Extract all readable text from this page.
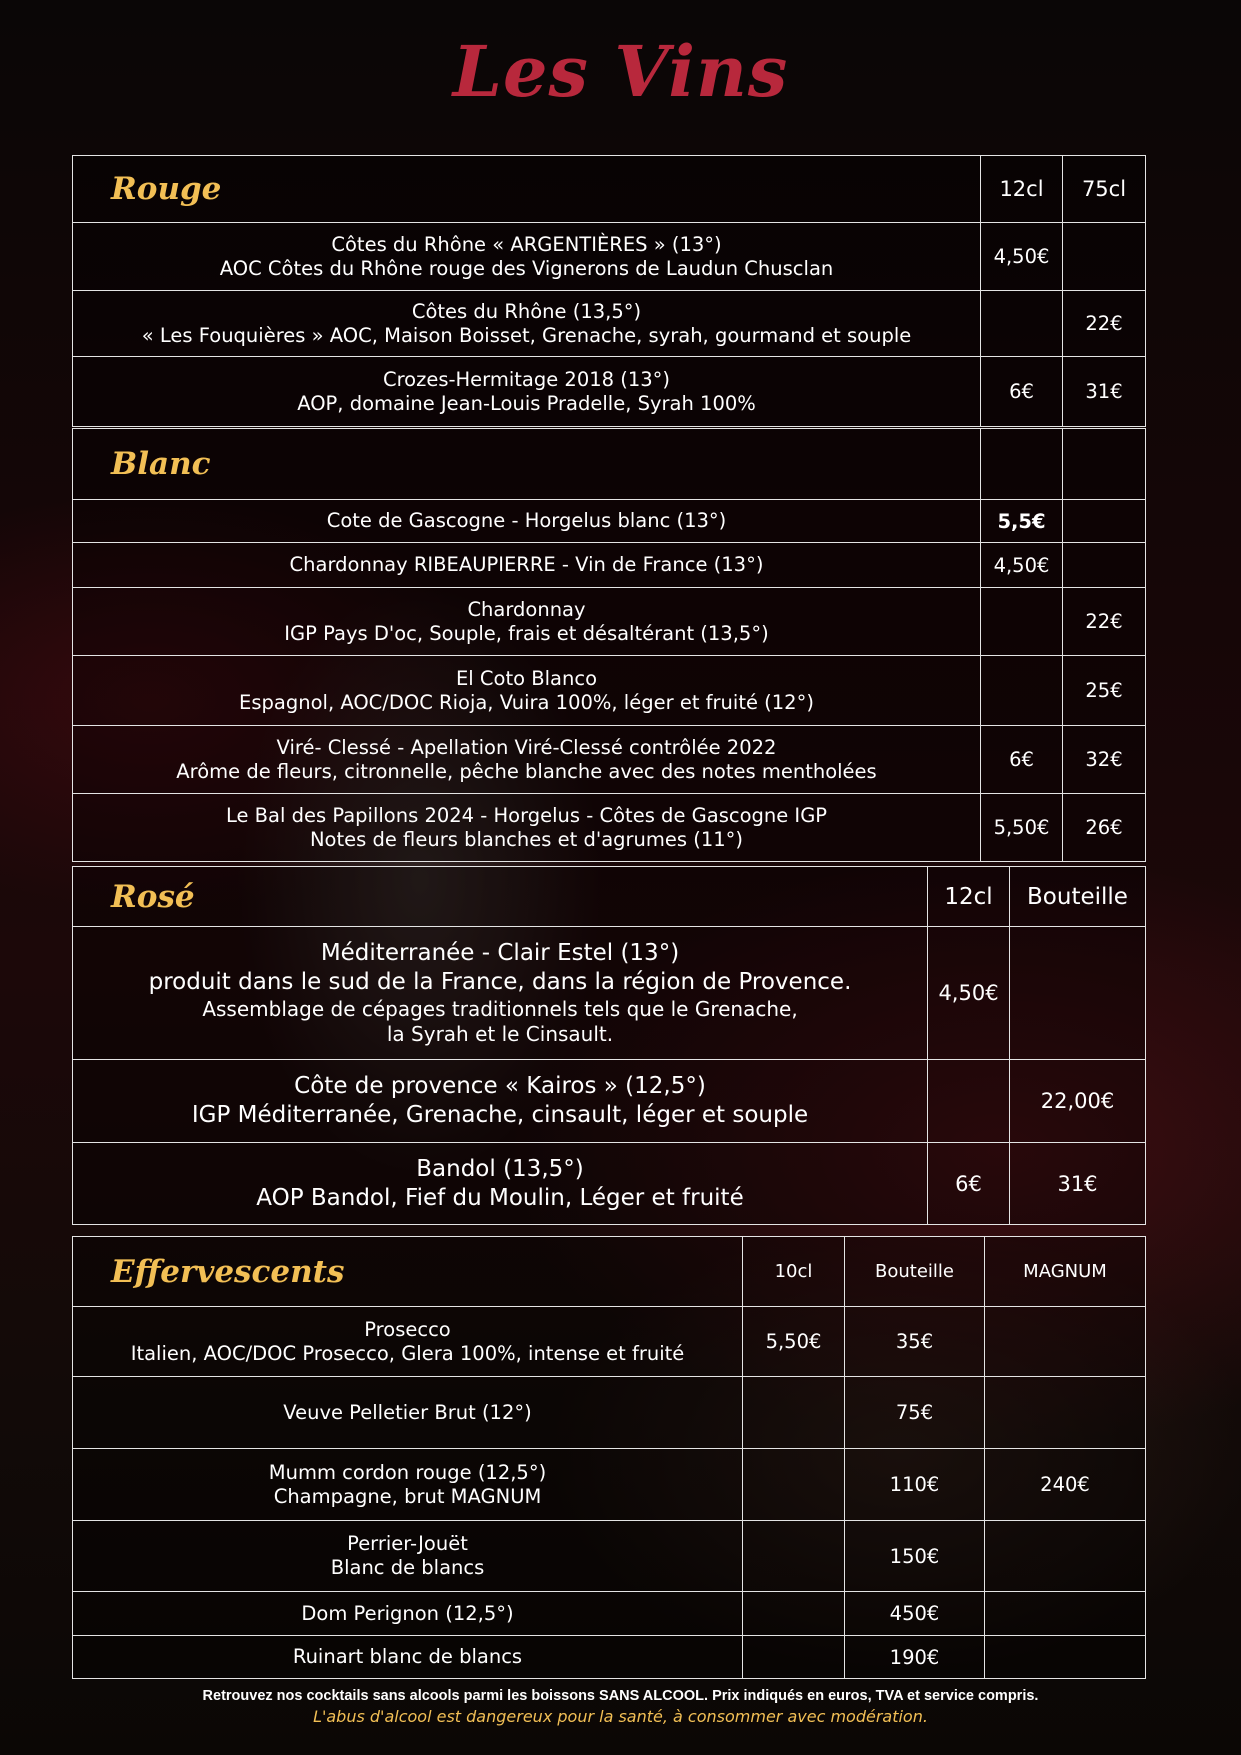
Les Vins
Rouge	12cl	75cl

Côtes du Rhône « ARGENTIÈRES » (13°)
AOC Côtes du Rhône rouge des Vignerons de Laudun Chusclan	4,50€	

Côtes du Rhône (13,5°)
« Les Fouquières » AOC, Maison Boisset, Grenache, syrah, gourmand et souple		22€

Crozes-Hermitage 2018 (13°)
AOP, domaine Jean-Louis Pradelle, Syrah 100%	6€	31€
Blanc		

Cote de Gascogne - Horgelus blanc (13°)	5,5€	

Chardonnay RIBEAUPIERRE - Vin de France (13°)	4,50€	

Chardonnay
IGP Pays D'oc, Souple, frais et désaltérant (13,5°)		22€

El Coto Blanco
Espagnol, AOC/DOC Rioja, Vuira 100%, léger et fruité (12°)		25€

Viré- Clessé - Apellation Viré-Clessé contrôlée 2022
Arôme de fleurs, citronnelle, pêche blanche avec des notes mentholées	6€	32€

Le Bal des Papillons 2024 - Horgelus - Côtes de Gascogne IGP
Notes de fleurs blanches et d'agrumes (11°)	5,50€	26€
Rosé	12cl	Bouteille

Méditerranée - Clair Estel (13°)
produit dans le sud de la France, dans la région de Provence.
Assemblage de cépages traditionnels tels que le Grenache,
la Syrah et le Cinsault.	4,50€	

Côte de provence « Kairos » (12,5°)
IGP Méditerranée, Grenache, cinsault, léger et souple		22,00€

Bandol (13,5°)
AOP Bandol, Fief du Moulin, Léger et fruité	6€	31€
Effervescents	10cl	Bouteille	MAGNUM

Prosecco
Italien, AOC/DOC Prosecco, Glera 100%, intense et fruité	5,50€	35€	

Veuve Pelletier Brut (12°)		75€	

Mumm cordon rouge (12,5°)
Champagne, brut MAGNUM		110€	240€

Perrier-Jouët
Blanc de blancs		150€	

Dom Perignon (12,5°)		450€	

Ruinart blanc de blancs		190€	
Retrouvez nos cocktails sans alcools parmi les boissons SANS ALCOOL. Prix indiqués en euros, TVA et service compris.
L'abus d'alcool est dangereux pour la santé, à consommer avec modération.
